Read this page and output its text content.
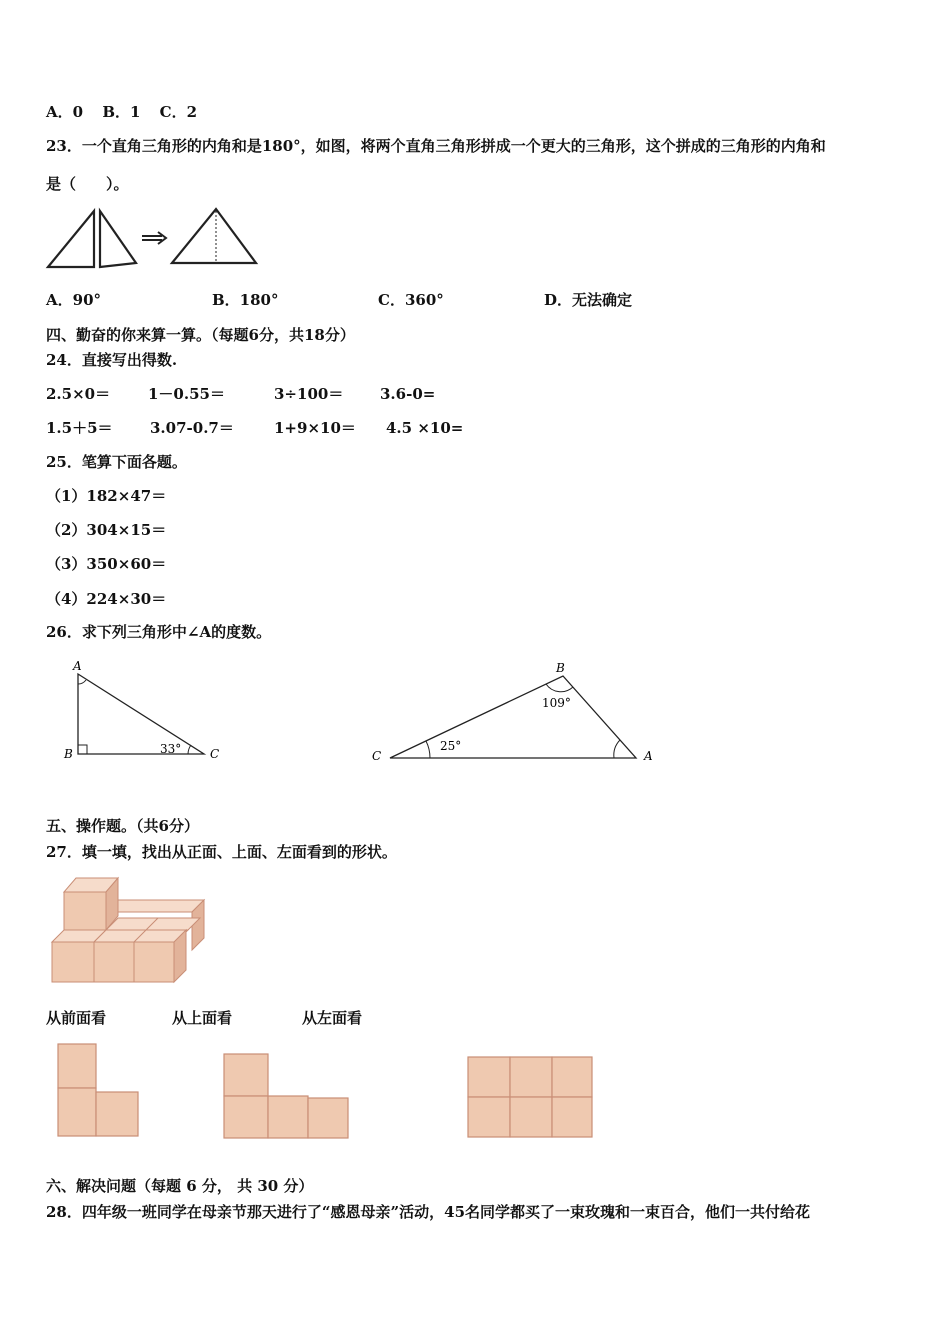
A．0 B．1 C．2
23．一个直角三角形的内角和是180°，如图，将两个直角三角形拼成一个更大的三角形，这个拼成的三角形的内角和
是（　　）。
A．90°	B．180°	C．360°	D．无法确定
四、勤奋的你来算一算。（每题6分，共18分）
24．直接写出得数.
2.5×0＝	1－0.55＝	3÷100＝ 3.6-0=
1.5＋5＝ 3.07-0.7＝	1+9×10＝ 4.5 ×10=
25．笔算下面各题。
（1）182×47＝
（2）304×15＝
（3）350×60＝
（4）224×30＝
26．求下列三角形中∠A的度数。
A
B	C
33°
B
C	A
109°
25°
五、操作题。（共6分）
27．填一填，找出从正面、上面、左面看到的形状。
从前面看	从上面看	从左面看
六、解决问题（每题 6 分， 共 30 分）
28．四年级一班同学在母亲节那天进行了“感恩母亲”活动，45名同学都买了一束玫瑰和一束百合，他们一共付给花
